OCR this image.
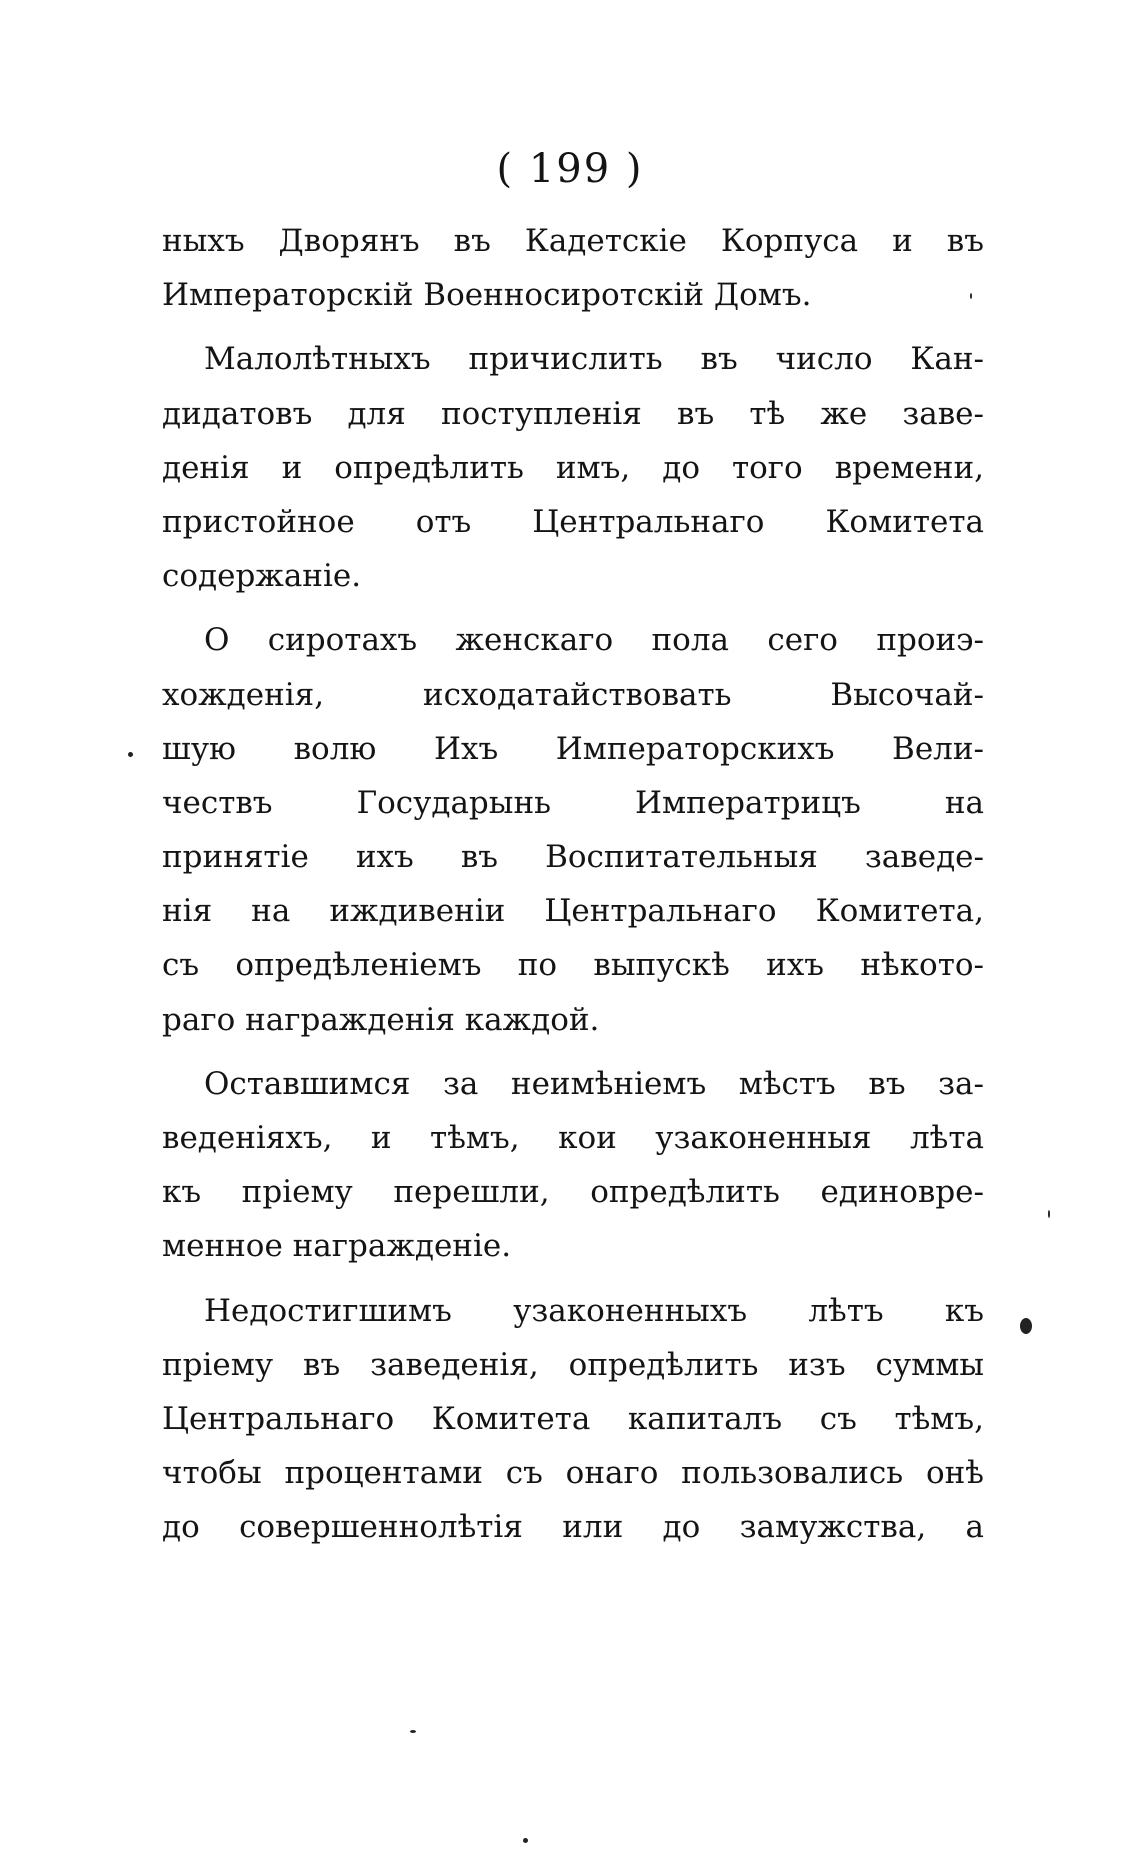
( 199 )
ныхъ Дворянъ въ Кадетскіе Корпуса и въ
Императорскій Военносиротскій Домъ.
Малолѣтныхъ причислить въ число Кан-
дидатовъ для поступленія въ тѣ же заве-
денія и опредѣлить имъ, до того времени,
пристойное отъ Центральнаго Комитета
содержаніе.
О сиротахъ женскаго пола сего проиэ-
хожденія, исходатайствовать Высочай-
шую волю Ихъ Императорскихъ Вели-
чествъ Государынь Императрицъ на
принятіе ихъ въ Воспитательныя заведе-
нія на иждивеніи Центральнаго Комитета,
съ опредѣленіемъ по выпускѣ ихъ нѣкото-
раго награжденія каждой.
Оставшимся за неимѣніемъ мѣстъ въ за-
веденіяхъ, и тѣмъ, кои узаконенныя лѣта
къ пріему перешли, опредѣлить единовре-
менное награжденіе.
Недостигшимъ узаконенныхъ лѣтъ къ
пріему въ заведенія, опредѣлить изъ суммы
Центральнаго Комитета капиталъ съ тѣмъ,
чтобы процентами съ онаго пользовались онѣ
до совершеннолѣтія или до замужства, а
